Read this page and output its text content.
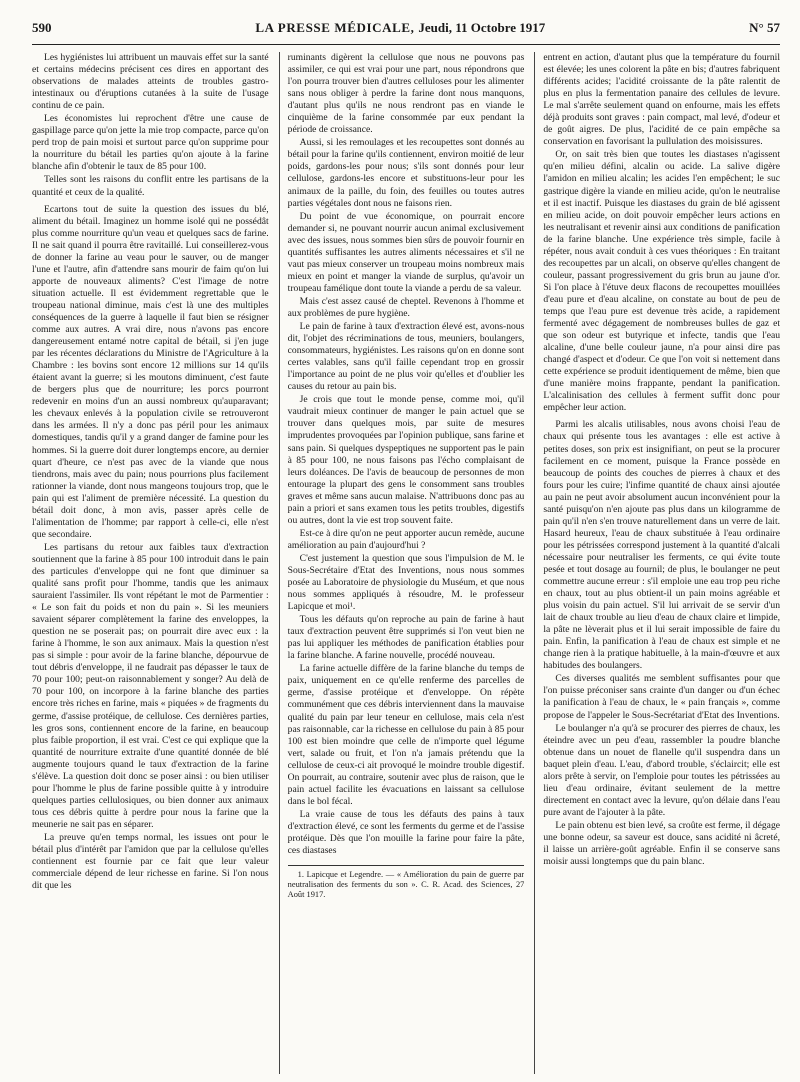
590	LA PRESSE MÉDICALE, Jeudi, 11 Octobre 1917	N° 57

Les hygiénistes lui attribuent un mauvais effet sur la santé et certains médecins précisent ces dires en apportant des observations de malades atteints de troubles gastro-intestinaux ou d'éruptions cutanées à la suite de l'usage continu de ce pain.

Les économistes lui reprochent d'être une cause de gaspillage parce qu'on jette la mie trop compacte, parce qu'on perd trop de pain moisi et surtout parce qu'on supprime pour la nourriture du bétail les parties qu'on ajoute à la farine blanche afin d'obtenir le taux de 85 pour 100.

Telles sont les raisons du conflit entre les partisans de la quantité et ceux de la qualité.

Ecartons tout de suite la question des issues du blé, aliment du bétail. Imaginez un homme isolé qui ne possédât plus comme nourriture qu'un veau et quelques sacs de farine. Il ne sait quand il pourra être ravitaillé. Lui conseillerez-vous de donner la farine au veau pour le sauver, ou de manger l'une et l'autre, afin d'attendre sans mourir de faim qu'on lui apporte de nouveaux aliments? C'est l'image de notre situation actuelle. Il est évidemment regrettable que le troupeau national diminue, mais c'est là une des multiples conséquences de la guerre à laquelle il faut bien se résigner comme aux autres. A vrai dire, nous n'avons pas encore dangereusement entamé notre capital de bétail, si j'en juge par les récentes déclarations du Ministre de l'Agriculture à la Chambre : les bovins sont encore 12 millions sur 14 qu'ils étaient avant la guerre; si les moutons diminuent, c'est faute de bergers plus que de nourriture; les porcs pourront redevenir en moins d'un an aussi nombreux qu'auparavant; les chevaux enlevés à la population civile se retrouveront dans les armées. Il n'y a donc pas péril pour les animaux domestiques, tandis qu'il y a grand danger de famine pour les hommes. Si la guerre doit durer longtemps encore, au dernier quart d'heure, ce n'est pas avec de la viande que nous tiendrons, mais avec du pain; nous pourrions plus facilement rationner la viande, dont nous mangeons toujours trop, que le pain qui est l'aliment de première nécessité. La question du bétail doit donc, à mon avis, passer après celle de l'alimentation de l'homme; par rapport à celle-ci, elle n'est que secondaire.

Les partisans du retour aux faibles taux d'extraction soutiennent que la farine à 85 pour 100 introduit dans le pain des particules d'enveloppe qui ne font que diminuer sa qualité sans profit pour l'homme, tandis que les animaux sauraient l'assimiler. Ils vont répétant le mot de Parmentier : « Le son fait du poids et non du pain ». Si les meuniers savaient séparer complètement la farine des enveloppes, la question ne se poserait pas; on pourrait dire avec eux : la farine à l'homme, le son aux animaux. Mais la question n'est pas si simple : pour avoir de la farine blanche, dépourvue de tout débris d'enveloppe, il ne faudrait pas dépasser le taux de 70 pour 100; peut-on raisonnablement y songer? Au delà de 70 pour 100, on incorpore à la farine blanche des parties encore très riches en farine, mais « piquées » de fragments du germe, d'assise protéique, de cellulose. Ces dernières parties, les gros sons, contiennent encore de la farine, en beaucoup plus faible proportion, il est vrai. C'est ce qui explique que la quantité de nourriture extraite d'une quantité donnée de blé augmente toujours quand le taux d'extraction de la farine s'élève. La question doit donc se poser ainsi : ou bien utiliser pour l'homme le plus de farine possible quitte à y introduire quelques parties cellulosiques, ou bien donner aux animaux tous ces débris quitte à perdre pour nous la farine que la meunerie ne sait pas en séparer.

La preuve qu'en temps normal, les issues ont pour le bétail plus d'intérêt par l'amidon que par la cellulose qu'elles contiennent est fournie par ce fait que leur valeur commerciale dépend de leur richesse en farine. Si l'on nous dit que les

ruminants digèrent la cellulose que nous ne pouvons pas assimiler, ce qui est vrai pour une part, nous répondrons que l'on pourra trouver bien d'autres celluloses pour les alimenter sans nous obliger à perdre la farine dont nous manquons, d'autant plus qu'ils ne nous rendront pas en viande le cinquième de la farine consommée par eux pendant la période de croissance.

Aussi, si les remoulages et les recoupettes sont donnés au bétail pour la farine qu'ils contiennent, environ moitié de leur poids, gardons-les pour nous; s'ils sont donnés pour leur cellulose, gardons-les encore et substituons-leur pour les animaux de la paille, du foin, des feuilles ou toutes autres parties végétales dont nous ne faisons rien.

Du point de vue économique, on pourrait encore demander si, ne pouvant nourrir aucun animal exclusivement avec des issues, nous sommes bien sûrs de pouvoir fournir en quantités suffisantes les autres aliments nécessaires et s'il ne vaut pas mieux conserver un troupeau moins nombreux mais mieux en point et manger la viande de surplus, qu'avoir un troupeau famélique dont toute la viande a perdu de sa valeur.

Mais c'est assez causé de cheptel. Revenons à l'homme et aux problèmes de pure hygiène.

Le pain de farine à taux d'extraction élevé est, avons-nous dit, l'objet des récriminations de tous, meuniers, boulangers, consommateurs, hygiénistes. Les raisons qu'on en donne sont certes valables, sans qu'il faille cependant trop en grossir l'importance au point de ne plus voir qu'elles et d'oublier les causes du retour au pain bis.

Je crois que tout le monde pense, comme moi, qu'il vaudrait mieux continuer de manger le pain actuel que se trouver dans quelques mois, par suite de mesures imprudentes provoquées par l'opinion publique, sans farine et sans pain. Si quelques dyspeptiques ne supportent pas le pain à 85 pour 100, ne nous faisons pas l'écho complaisant de leurs doléances. De l'avis de beaucoup de personnes de mon entourage la plupart des gens le consomment sans troubles graves et même sans aucun malaise. N'attribuons donc pas au pain a priori et sans examen tous les petits troubles, digestifs ou autres, dont la vie est trop souvent faite.

Est-ce à dire qu'on ne peut apporter aucun remède, aucune amélioration au pain d'aujourd'hui ?

C'est justement la question que sous l'impulsion de M. le Sous-Secrétaire d'Etat des Inventions, nous nous sommes posée au Laboratoire de physiologie du Muséum, et que nous nous sommes appliqués à résoudre, M. le professeur Lapicque et moi¹.

Tous les défauts qu'on reproche au pain de farine à haut taux d'extraction peuvent être supprimés si l'on veut bien ne pas lui appliquer les méthodes de panification établies pour la farine blanche. A farine nouvelle, procédé nouveau.

La farine actuelle diffère de la farine blanche du temps de paix, uniquement en ce qu'elle renferme des parcelles de germe, d'assise protéique et d'enveloppe. On répète communément que ces débris interviennent dans la mauvaise qualité du pain par leur teneur en cellulose, mais cela n'est pas raisonnable, car la richesse en cellulose du pain à 85 pour 100 est bien moindre que celle de n'importe quel légume vert, salade ou fruit, et l'on n'a jamais prétendu que la cellulose de ceux-ci ait provoqué le moindre trouble digestif. On pourrait, au contraire, soutenir avec plus de raison, que le pain actuel facilite les évacuations en laissant sa cellulose dans le bol fécal.

La vraie cause de tous les défauts des pains à taux d'extraction élevé, ce sont les ferments du germe et de l'assise protéique. Dès que l'on mouille la farine pour faire la pâte, ces diastases

1. Lapicque et Legendre. — « Amélioration du pain de guerre par neutralisation des ferments du son ». C. R. Acad. des Sciences, 27 Août 1917.

entrent en action, d'autant plus que la température du fournil est élevée; les unes colorent la pâte en bis; d'autres fabriquent différents acides; l'acidité croissante de la pâte ralentit de plus en plus la fermentation panaire des cellules de levure. Le mal s'arrête seulement quand on enfourne, mais les effets déjà produits sont graves : pain compact, mal levé, d'odeur et de goût aigres. De plus, l'acidité de ce pain empêche sa conservation en favorisant la pullulation des moisissures.

Or, on sait très bien que toutes les diastases n'agissent qu'en milieu défini, alcalin ou acide. La salive digère l'amidon en milieu alcalin; les acides l'en empêchent; le suc gastrique digère la viande en milieu acide, qu'on le neutralise et il est inactif. Puisque les diastases du grain de blé agissent en milieu acide, on doit pouvoir empêcher leurs actions en les neutralisant et revenir ainsi aux conditions de panification de la farine blanche. Une expérience très simple, facile à répéter, nous avait conduit à ces vues théoriques : En traitant des recoupettes par un alcali, on observe qu'elles changent de couleur, passant progressivement du gris brun au jaune d'or. Si l'on place à l'étuve deux flacons de recoupettes mouillées d'eau pure et d'eau alcaline, on constate au bout de peu de temps que l'eau pure est devenue très acide, a rapidement fermenté avec dégagement de nombreuses bulles de gaz et que son odeur est butyrique et infecte, tandis que l'eau alcaline, d'une belle couleur jaune, n'a pour ainsi dire pas changé d'aspect et d'odeur. Ce que l'on voit si nettement dans cette expérience se produit identiquement de même, bien que d'une manière moins frappante, pendant la panification. L'alcalinisation des cellules à ferment suffit donc pour empêcher leur action.

Parmi les alcalis utilisables, nous avons choisi l'eau de chaux qui présente tous les avantages : elle est active à petites doses, son prix est insignifiant, on peut se la procurer facilement en ce moment, puisque la France possède en beaucoup de points des couches de pierres à chaux et des fours pour les cuire; l'infime quantité de chaux ainsi ajoutée au pain ne peut avoir absolument aucun inconvénient pour la santé puisqu'on n'en ajoute pas plus dans un kilogramme de pain qu'il n'en s'en trouve naturellement dans un verre de lait. Hasard heureux, l'eau de chaux substituée à l'eau ordinaire pour les pétrissées correspond justement à la quantité d'alcali nécessaire pour neutraliser les ferments, ce qui évite toute pesée et tout dosage au fournil; de plus, le boulanger ne peut commettre aucune erreur : s'il emploie une eau trop peu riche en chaux, tout au plus obtient-il un pain moins agréable et plus voisin du pain actuel. S'il lui arrivait de se servir d'un lait de chaux trouble au lieu d'eau de chaux claire et limpide, la pâte ne lèverait plus et il lui serait impossible de faire du pain. Enfin, la panification à l'eau de chaux est simple et ne change rien à la pratique habituelle, à la main-d'œuvre et aux habitudes des boulangers.

Ces diverses qualités me semblent suffisantes pour que l'on puisse préconiser sans crainte d'un danger ou d'un échec la panification à l'eau de chaux, le « pain français », comme propose de l'appeler le Sous-Secrétariat d'Etat des Inventions.

Le boulanger n'a qu'à se procurer des pierres de chaux, les éteindre avec un peu d'eau, rassembler la poudre blanche obtenue dans un nouet de flanelle qu'il suspendra dans un baquet plein d'eau. L'eau, d'abord trouble, s'éclaircit; elle est alors prête à servir, on l'emploie pour toutes les pétrissées au lieu d'eau ordinaire, évitant seulement de la mettre directement en contact avec la levure, qu'on délaie dans l'eau pure avant de l'ajouter à la pâte.

Le pain obtenu est bien levé, sa croûte est ferme, il dégage une bonne odeur, sa saveur est douce, sans acidité ni âcreté, il laisse un arrière-goût agréable. Enfin il se conserve sans moisir aussi longtemps que du pain blanc.
